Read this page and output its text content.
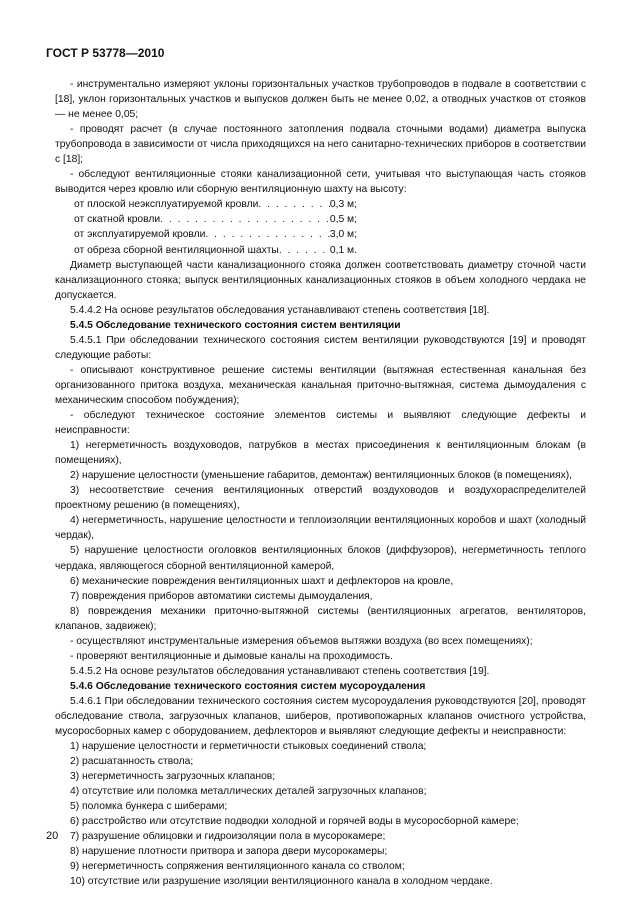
ГОСТ Р 53778—2010

- инструментально измеряют уклоны горизонтальных участков трубопроводов в подвале в соответствии с [18], уклон горизонтальных участков и выпусков должен быть не менее 0,02, а отводных участков от стояков — не менее 0,05;

- проводят расчет (в случае постоянного затопления подвала сточными водами) диаметра выпуска трубопровода в зависимости от числа приходящихся на него санитарно-технических приборов в соответствии с [18];

- обследуют вентиляционные стояки канализационной сети, учитывая что выступающая часть стояков выводится через кровлю или сборную вентиляционную шахту на высоту:

от плоской неэксплуатируемой кровли . . .	0,3 м;
от скатной кровли . . .	0,5 м;
от эксплуатируемой кровли . . .	3,0 м;
от обреза сборной вентиляционной шахты . . .	0,1 м.

Диаметр выступающей части канализационного стояка должен соответствовать диаметру сточной части канализационного стояка; выпуск вентиляционных канализационных стояков в объем холодного чердака не допускается.

5.4.4.2 На основе результатов обследования устанавливают степень соответствия [18].

5.4.5 Обследование технического состояния систем вентиляции

5.4.5.1 При обследовании технического состояния систем вентиляции руководствуются [19] и проводят следующие работы:

- описывают конструктивное решение системы вентиляции (вытяжная естественная канальная без организованного притока воздуха, механическая канальная приточно-вытяжная, система дымоудаления с механическим способом побуждения);

- обследуют техническое состояние элементов системы и выявляют следующие дефекты и неисправности:

1) негерметичность воздуховодов, патрубков в местах присоединения к вентиляционным блокам (в помещениях),

2) нарушение целостности (уменьшение габаритов, демонтаж) вентиляционных блоков (в помещениях),

3) несоответствие сечения вентиляционных отверстий воздуховодов и воздухораспределителей проектному решению (в помещениях),

4) негерметичность, нарушение целостности и теплоизоляции вентиляционных коробов и шахт (холодный чердак),

5) нарушение целостности оголовков вентиляционных блоков (диффузоров), негерметичность теплого чердака, являющегося сборной вентиляционной камерой,

6) механические повреждения вентиляционных шахт и дефлекторов на кровле,

7) повреждения приборов автоматики системы дымоудаления,

8) повреждения механики приточно-вытяжной системы (вентиляционных агрегатов, вентиляторов, клапанов, задвижек);

- осуществляют инструментальные измерения объемов вытяжки воздуха (во всех помещениях);

- проверяют вентиляционные и дымовые каналы на проходимость.

5.4.5.2 На основе результатов обследования устанавливают степень соответствия [19].

5.4.6 Обследование технического состояния систем мусороудаления

5.4.6.1 При обследовании технического состояния систем мусороудаления руководствуются [20], проводят обследование ствола, загрузочных клапанов, шиберов, противопожарных клапанов очистного устройства, мусоросборных камер с оборудованием, дефлекторов и выявляют следующие дефекты и неисправности:

1) нарушение целостности и герметичности стыковых соединений ствола;

2) расшатанность ствола;

3) негерметичность загрузочных клапанов;

4) отсутствие или поломка металлических деталей загрузочных клапанов;

5) поломка бункера с шиберами;

6) расстройство или отсутствие подводки холодной и горячей воды в мусоросборной камере;

7) разрушение облицовки и гидроизоляции пола в мусорокамере;

8) нарушение плотности притвора и запора двери мусорокамеры;

9) негерметичность сопряжения вентиляционного канала со стволом;

10) отсутствие или разрушение изоляции вентиляционного канала в холодном чердаке.

20
